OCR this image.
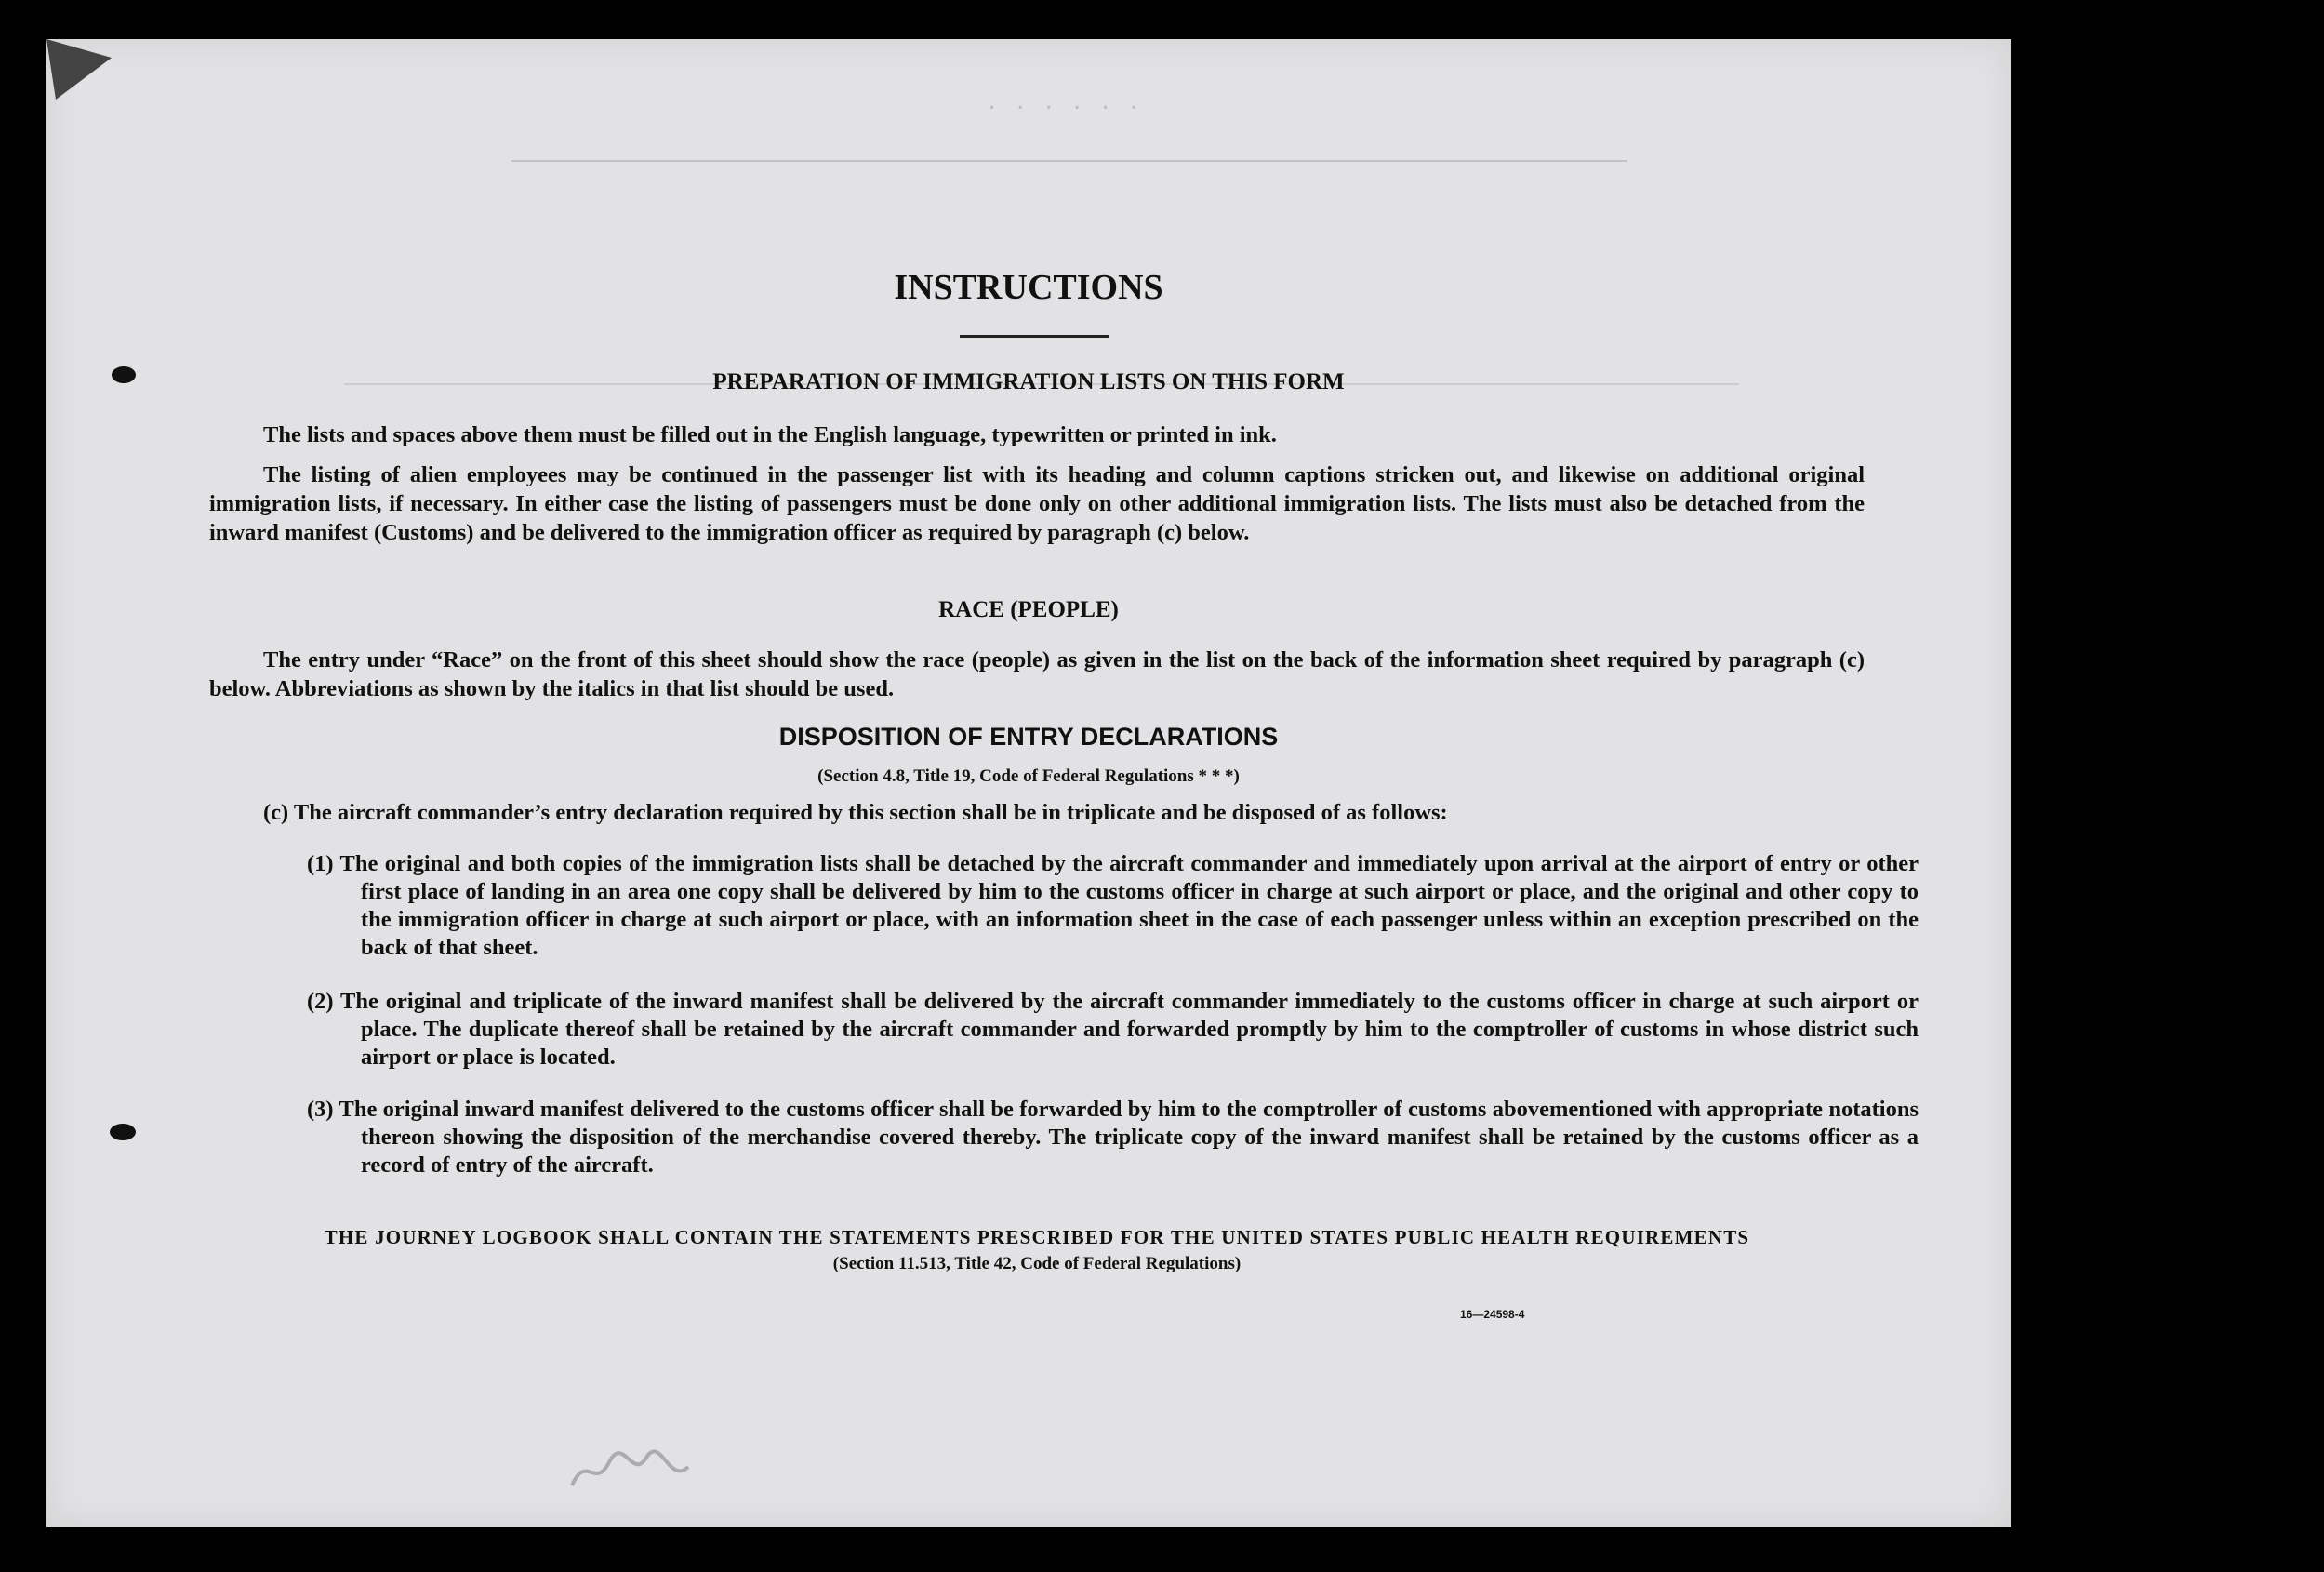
· · · · · ·
INSTRUCTIONS
PREPARATION OF IMMIGRATION LISTS ON THIS FORM

The lists and spaces above them must be filled out in the English language, typewritten or printed in ink.

The listing of alien employees may be continued in the passenger list with its heading and column captions stricken out, and likewise on additional original immigration lists, if necessary. In either case the listing of passengers must be done only on other additional immigration lists. The lists must also be detached from the inward manifest (Customs) and be delivered to the immigration officer as required by paragraph (c) below.

RACE (PEOPLE)

The entry under “Race” on the front of this sheet should show the race (people) as given in the list on the back of the information sheet required by paragraph (c) below. Abbreviations as shown by the italics in that list should be used.

DISPOSITION OF ENTRY DECLARATIONS
(Section 4.8, Title 19, Code of Federal Regulations * * *)

(c) The aircraft commander’s entry declaration required by this section shall be in triplicate and be disposed of as follows:

(1) The original and both copies of the immigration lists shall be detached by the aircraft commander and immediately upon arrival at the airport of entry or other first place of landing in an area one copy shall be delivered by him to the customs officer in charge at such airport or place, and the original and other copy to the immigration officer in charge at such airport or place, with an information sheet in the case of each passenger unless within an exception prescribed on the back of that sheet.

(2) The original and triplicate of the inward manifest shall be delivered by the aircraft commander immediately to the customs officer in charge at such airport or place. The duplicate thereof shall be retained by the aircraft commander and forwarded promptly by him to the comptroller of customs in whose district such airport or place is located.

(3) The original inward manifest delivered to the customs officer shall be forwarded by him to the comptroller of customs abovementioned with appropriate notations thereon showing the disposition of the merchandise covered thereby. The triplicate copy of the inward manifest shall be retained by the customs officer as a record of entry of the aircraft.

THE JOURNEY LOGBOOK SHALL CONTAIN THE STATEMENTS PRESCRIBED FOR THE UNITED STATES PUBLIC HEALTH REQUIREMENTS
(Section 11.513, Title 42, Code of Federal Regulations)
16—24598-4
